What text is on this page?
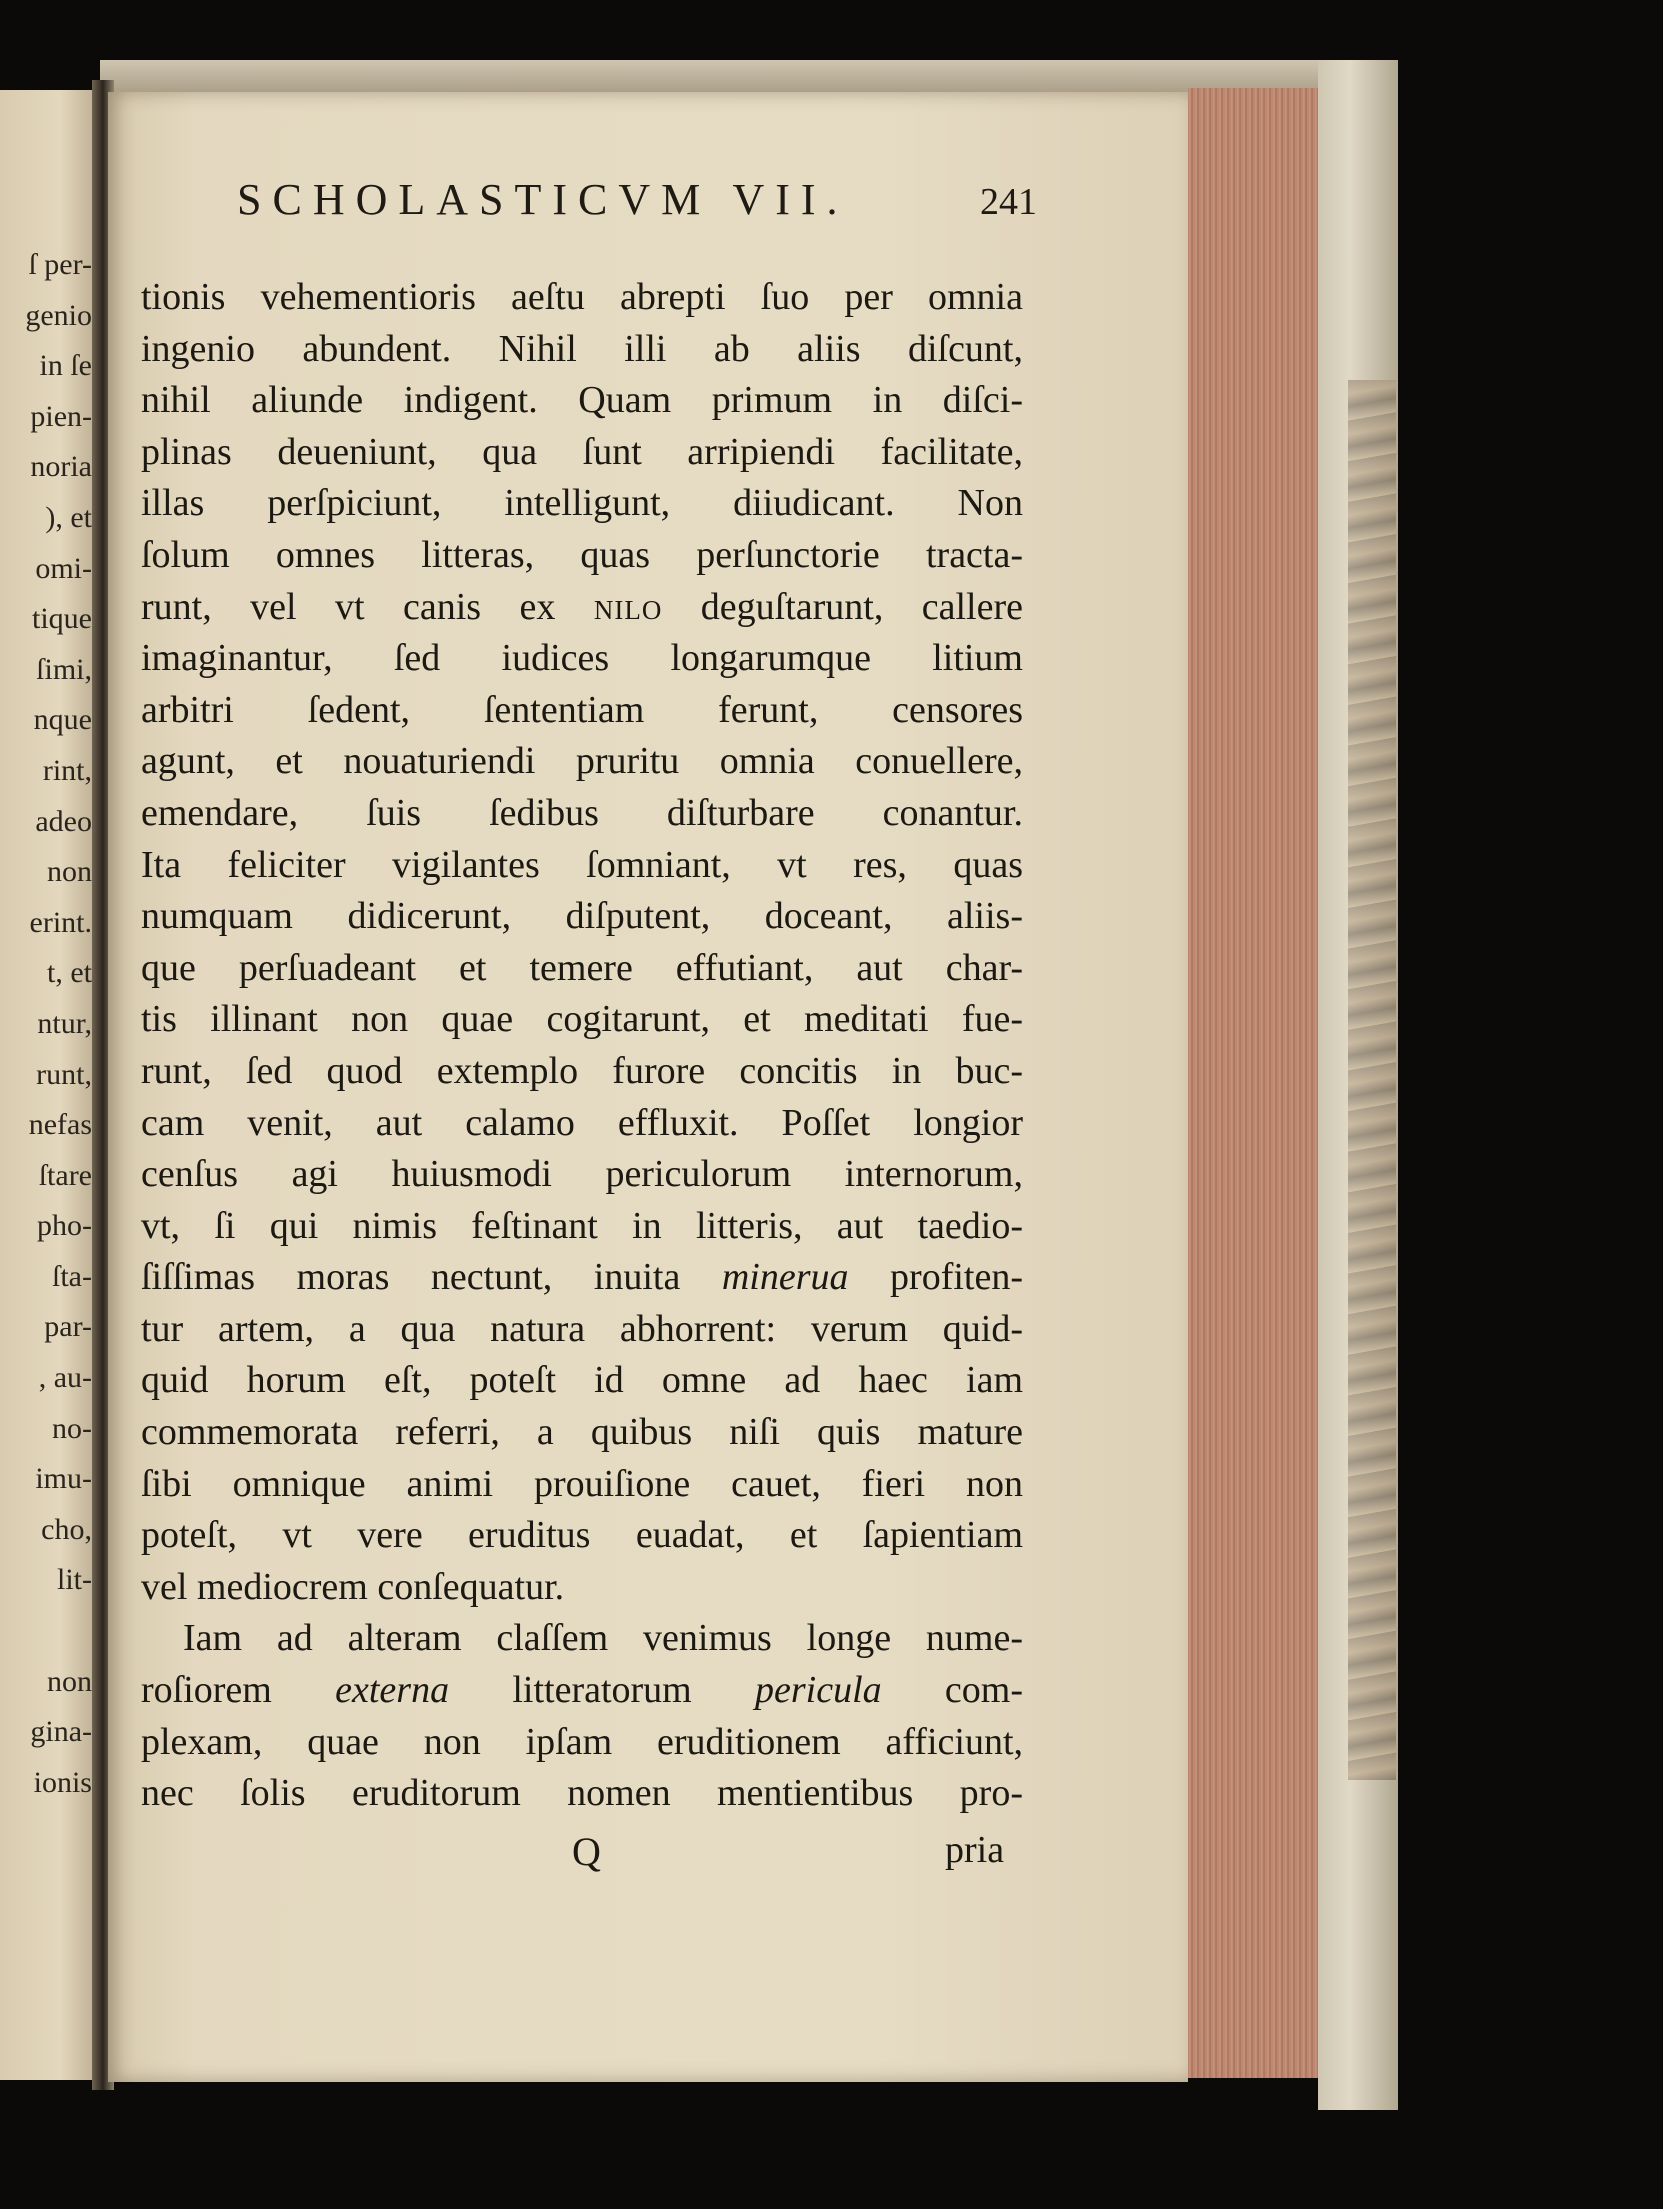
ſ per-
genio
in ſe
pien-
noria
), et
omi-
tique
ſimi,
nque
rint,
adeo
non
erint.
t, et
ntur,
runt,
nefas
ſtare
pho-
ſta-
par-
, au-
no-
imu-
cho,
lit-
non
gina-
ionis
SCHOLASTICVM VII.	241
tionis vehementioris aeſtu abrepti ſuo per omnia
ingenio abundent. Nihil illi ab aliis diſcunt,
nihil aliunde indigent. Quam primum in diſci-
plinas deueniunt, qua ſunt arripiendi facilitate,
illas perſpiciunt, intelligunt, diiudicant. Non
ſolum omnes litteras, quas perſunctorie tracta-
runt, vel vt canis ex nilo deguſtarunt, callere
imaginantur, ſed iudices longarumque litium
arbitri ſedent, ſententiam ferunt, censores
agunt, et nouaturiendi pruritu omnia conuellere,
emendare, ſuis ſedibus diſturbare conantur.
Ita feliciter vigilantes ſomniant, vt res, quas
numquam didicerunt, diſputent, doceant, aliis-
que perſuadeant et temere effutiant, aut char-
tis illinant non quae cogitarunt, et meditati fue-
runt, ſed quod extemplo furore concitis in buc-
cam venit, aut calamo effluxit. Poſſet longior
cenſus agi huiusmodi periculorum internorum,
vt, ſi qui nimis feſtinant in litteris, aut taedio-
ſiſſimas moras nectunt, inuita minerua profiten-
tur artem, a qua natura abhorrent: verum quid-
quid horum eſt, poteſt id omne ad haec iam
commemorata referri, a quibus niſi quis mature
ſibi omnique animi prouiſione cauet, fieri non
poteſt, vt vere eruditus euadat, et ſapientiam
vel mediocrem conſequatur.
Iam ad alteram claſſem venimus longe nume-
roſiorem externa litteratorum pericula com-
plexam, quae non ipſam eruditionem afficiunt,
nec ſolis eruditorum nomen mentientibus pro-
Q	pria
